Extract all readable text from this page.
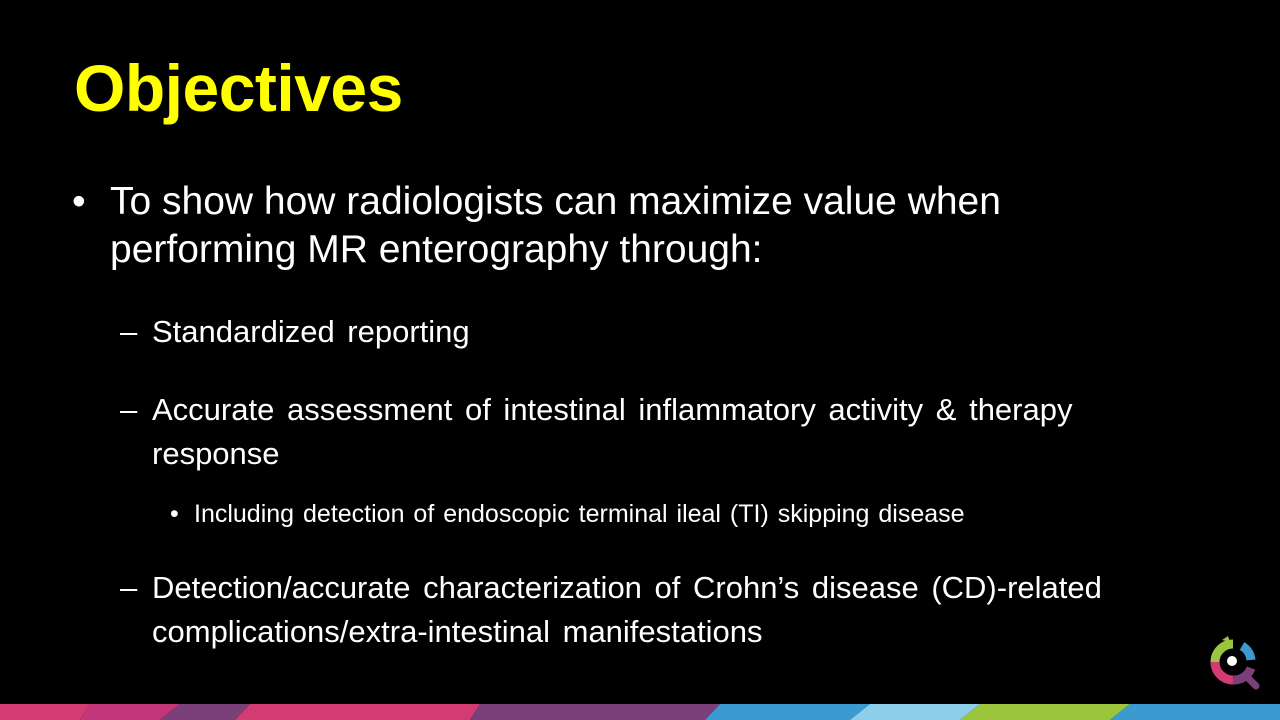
Objectives
• To show how radiologists can maximize value when performing MR enterography through:
– Standardized reporting
– Accurate assessment of intestinal inflammatory activity & therapy response
• Including detection of endoscopic terminal ileal (TI) skipping disease
– Detection/accurate characterization of Crohn’s disease (CD)-related complications/extra-intestinal manifestations
